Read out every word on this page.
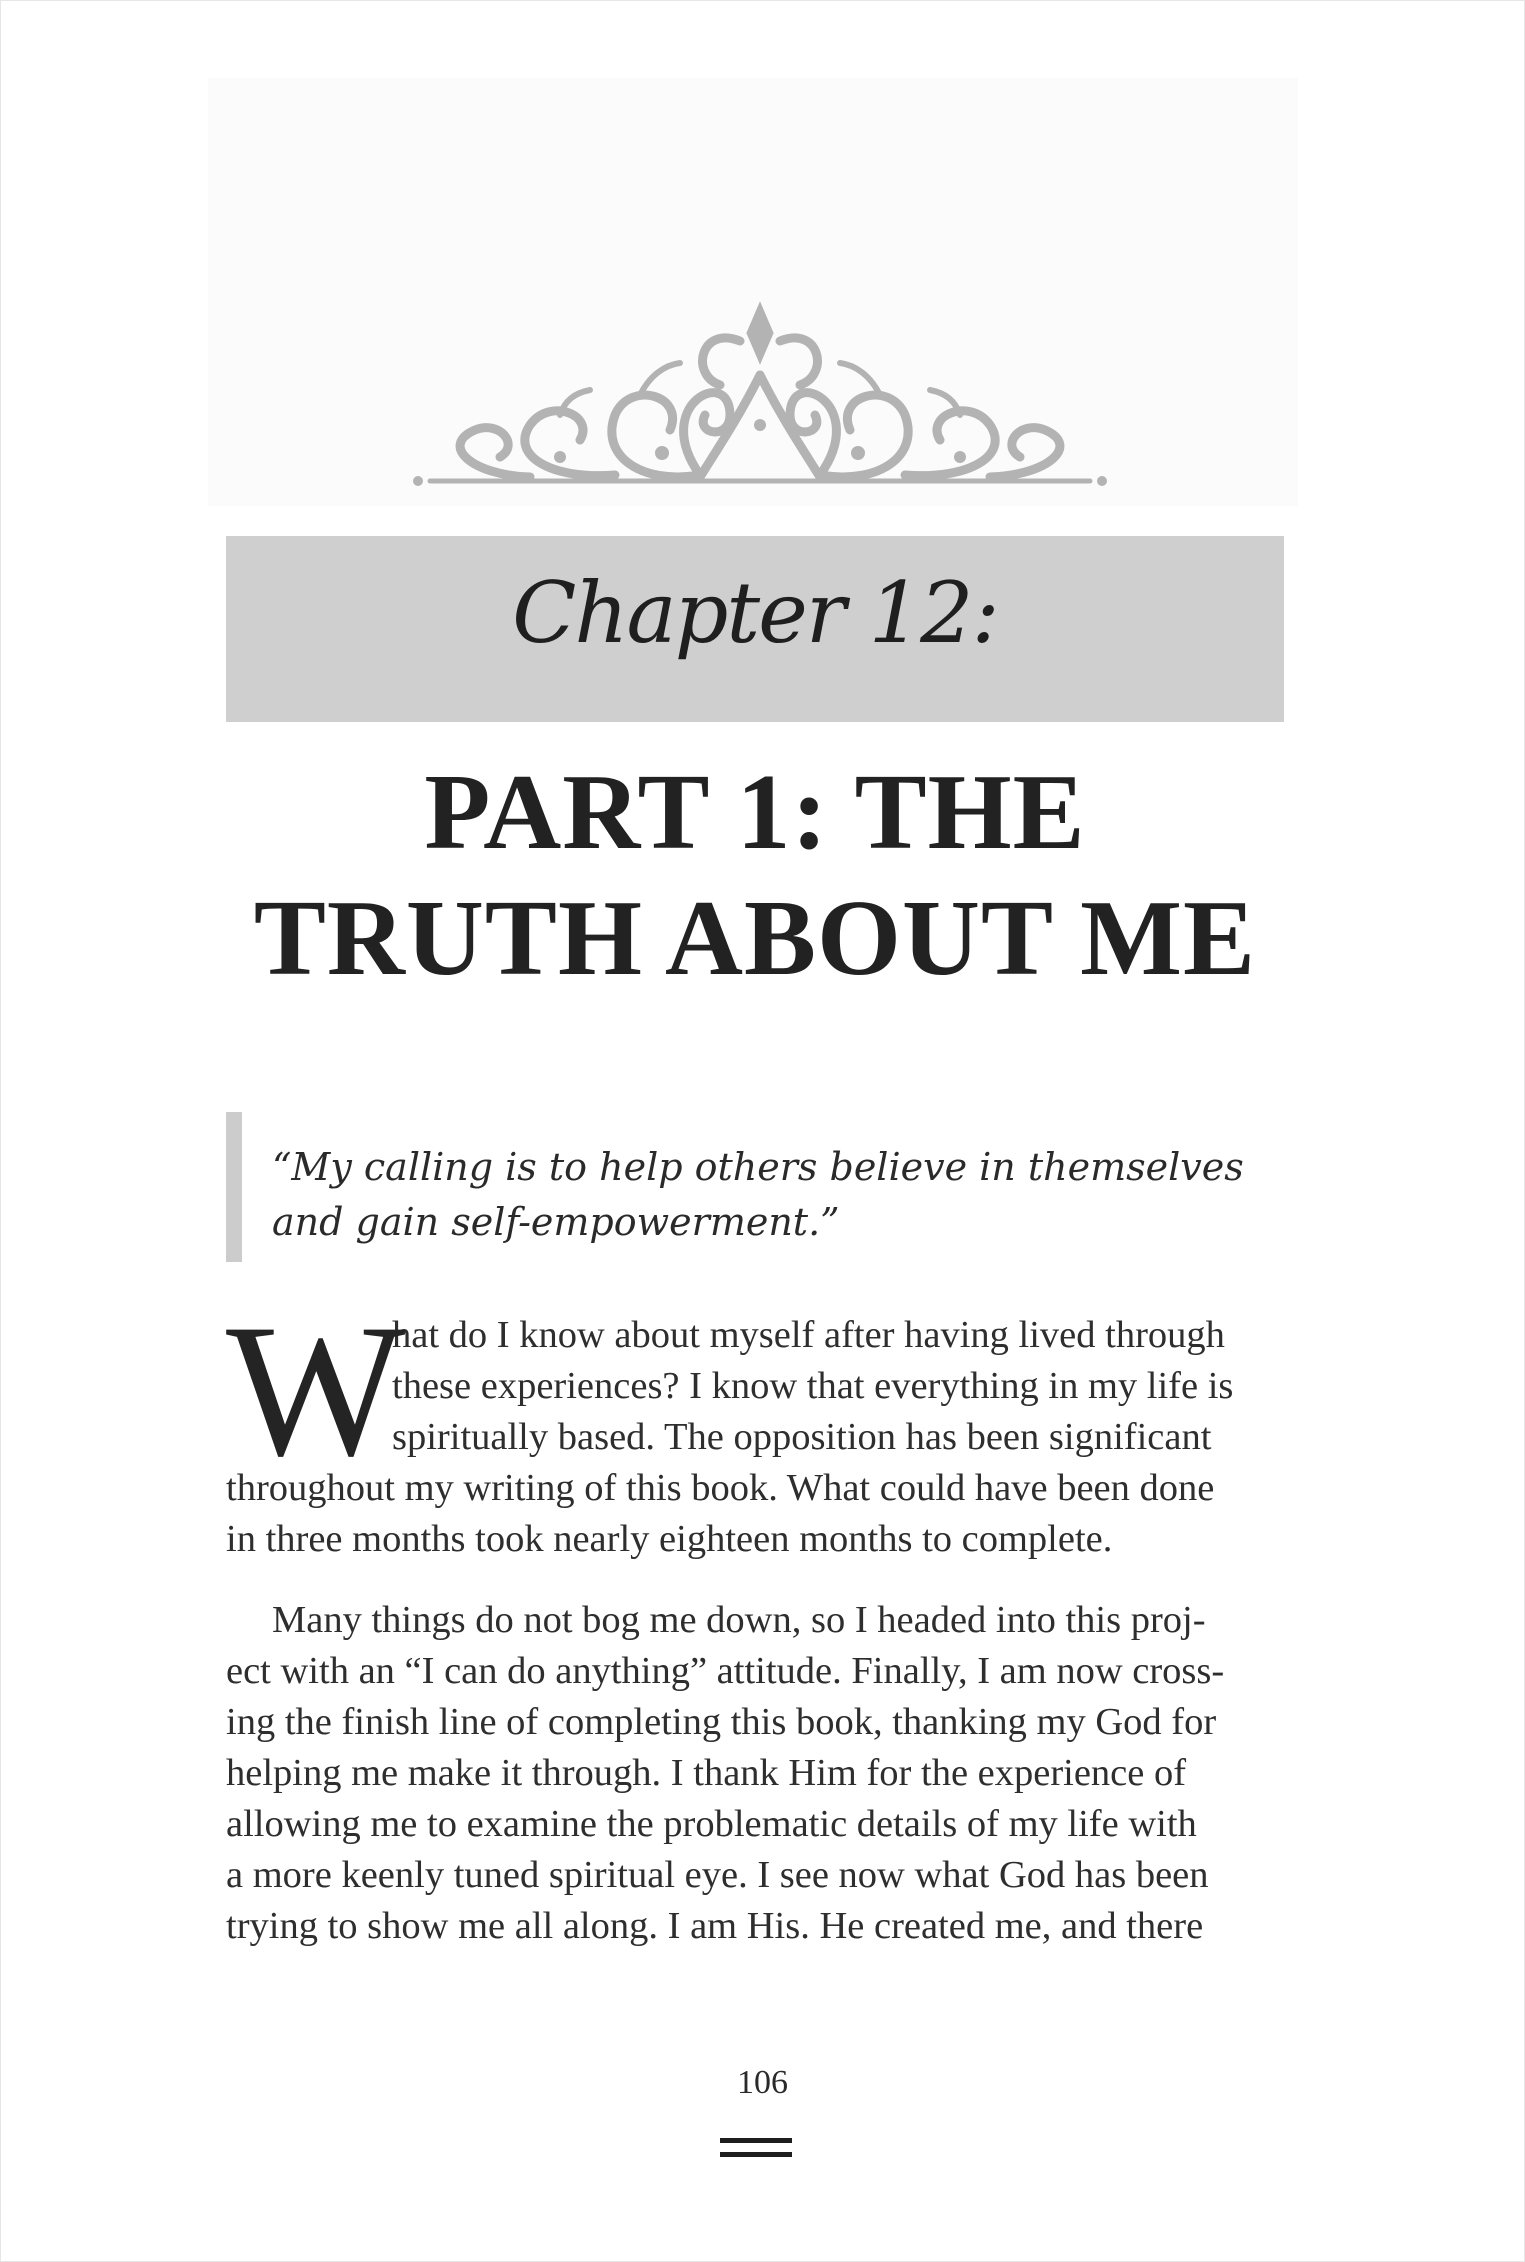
Chapter 12:
PART 1: THE
TRUTH ABOUT ME

“My calling is to help others believe in themselves
and gain self-empowerment.”

W
hat do I know about myself after having lived through
these experiences? I know that everything in my life is
spiritually based. The opposition has been significant
throughout my writing of this book. What could have been done
in three months took nearly eighteen months to complete.
Many things do not bog me down, so I headed into this proj-
ect with an “I can do anything” attitude. Finally, I am now cross-
ing the finish line of completing this book, thanking my God for
helping me make it through. I thank Him for the experience of
allowing me to examine the problematic details of my life with
a more keenly tuned spiritual eye. I see now what God has been
trying to show me all along. I am His. He created me, and there
106
